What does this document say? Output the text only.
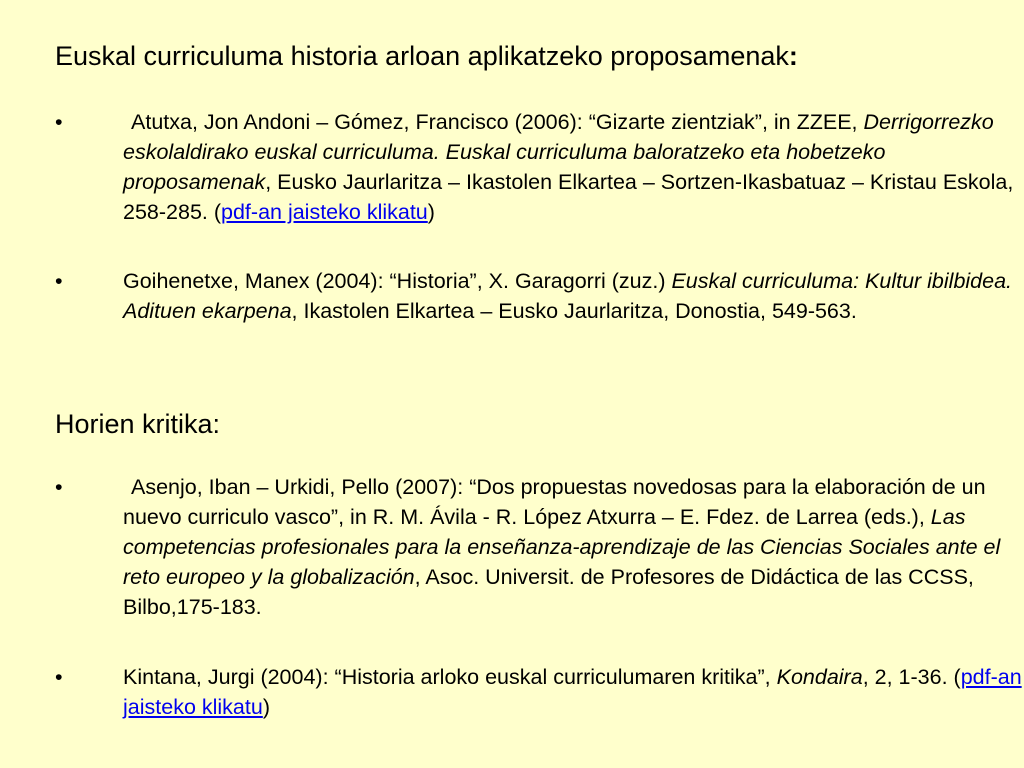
Euskal curriculuma historia arloan aplikatzeko proposamenak:
•	Atutxa, Jon Andoni – Gómez, Francisco (2006): “Gizarte zientziak”, in ZZEE, Derrigorrezko eskolaldirako euskal curriculuma. Euskal curriculuma baloratzeko eta hobetzeko proposamenak, Eusko Jaurlaritza – Ikastolen Elkartea – Sortzen-Ikasbatuaz – Kristau Eskola, 258-285. (pdf-an jaisteko klikatu)
•	Goihenetxe, Manex (2004): “Historia”, X. Garagorri (zuz.) Euskal curriculuma: Kultur ibilbidea. Adituen ekarpena, Ikastolen Elkartea – Eusko Jaurlaritza, Donostia, 549-563.
Horien kritika:
•	Asenjo, Iban – Urkidi, Pello (2007): “Dos propuestas novedosas para la elaboración de un nuevo curriculo vasco”, in R. M. Ávila - R. López Atxurra – E. Fdez. de Larrea (eds.), Las competencias profesionales para la enseñanza-aprendizaje de las Ciencias Sociales ante el reto europeo y la globalización, Asoc. Universit. de Profesores de Didáctica de las CCSS, Bilbo,175-183.
•	Kintana, Jurgi (2004): “Historia arloko euskal curriculumaren kritika”, Kondaira, 2, 1-36. (pdf-an jaisteko klikatu)
